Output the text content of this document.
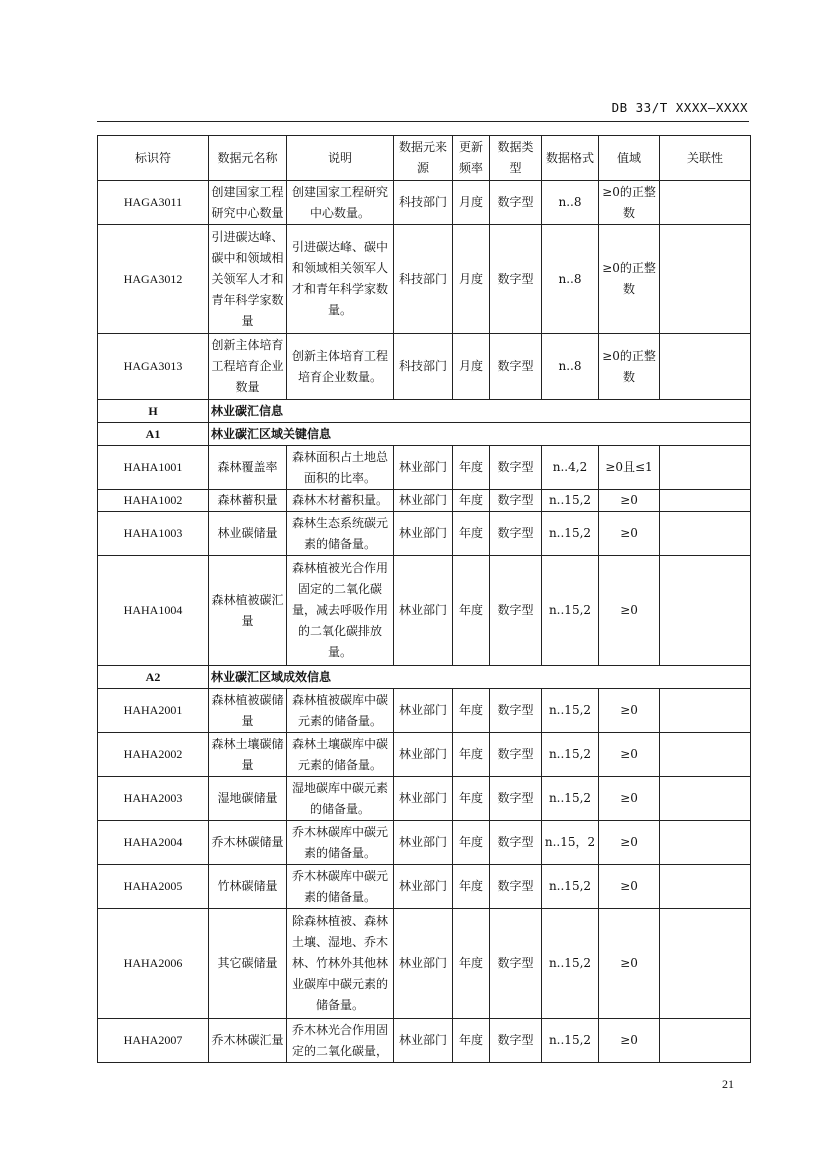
DB 33/T XXXX—XXXX
标识符	数据元名称	说明	数据元来源	更新频率	数据类型	数据格式	值域	关联性
HAGA3011	创建国家工程研究中心数量	创建国家工程研究中心数量。	科技部门	月度	数字型	n..8	≥0的正整数	
HAGA3012	引进碳达峰、碳中和领域相关领军人才和青年科学家数量	引进碳达峰、碳中和领域相关领军人才和青年科学家数量。	科技部门	月度	数字型	n..8	≥0的正整数	
HAGA3013	创新主体培育工程培育企业数量	创新主体培育工程培育企业数量。	科技部门	月度	数字型	n..8	≥0的正整数	
H	林业碳汇信息							
A1	林业碳汇区域关键信息							
HAHA1001	森林覆盖率	森林面积占土地总面积的比率。	林业部门	年度	数字型	n..4,2	≥0且≤1	
HAHA1002	森林蓄积量	森林木材蓄积量。	林业部门	年度	数字型	n..15,2	≥0	
HAHA1003	林业碳储量	森林生态系统碳元素的储备量。	林业部门	年度	数字型	n..15,2	≥0	
HAHA1004	森林植被碳汇量	森林植被光合作用固定的二氧化碳量，减去呼吸作用的二氧化碳排放量。	林业部门	年度	数字型	n..15,2	≥0	
A2	林业碳汇区域成效信息							
HAHA2001	森林植被碳储量	森林植被碳库中碳元素的储备量。	林业部门	年度	数字型	n..15,2	≥0	
HAHA2002	森林土壤碳储量	森林土壤碳库中碳元素的储备量。	林业部门	年度	数字型	n..15,2	≥0	
HAHA2003	湿地碳储量	湿地碳库中碳元素的储备量。	林业部门	年度	数字型	n..15,2	≥0	
HAHA2004	乔木林碳储量	乔木林碳库中碳元素的储备量。	林业部门	年度	数字型	n..15，2	≥0	
HAHA2005	竹林碳储量	乔木林碳库中碳元素的储备量。	林业部门	年度	数字型	n..15,2	≥0	
HAHA2006	其它碳储量	除森林植被、森林土壤、湿地、乔木林、竹林外其他林业碳库中碳元素的储备量。	林业部门	年度	数字型	n..15,2	≥0	
HAHA2007	乔木林碳汇量	乔木林光合作用固定的二氧化碳量，	林业部门	年度	数字型	n..15,2	≥0	
21
